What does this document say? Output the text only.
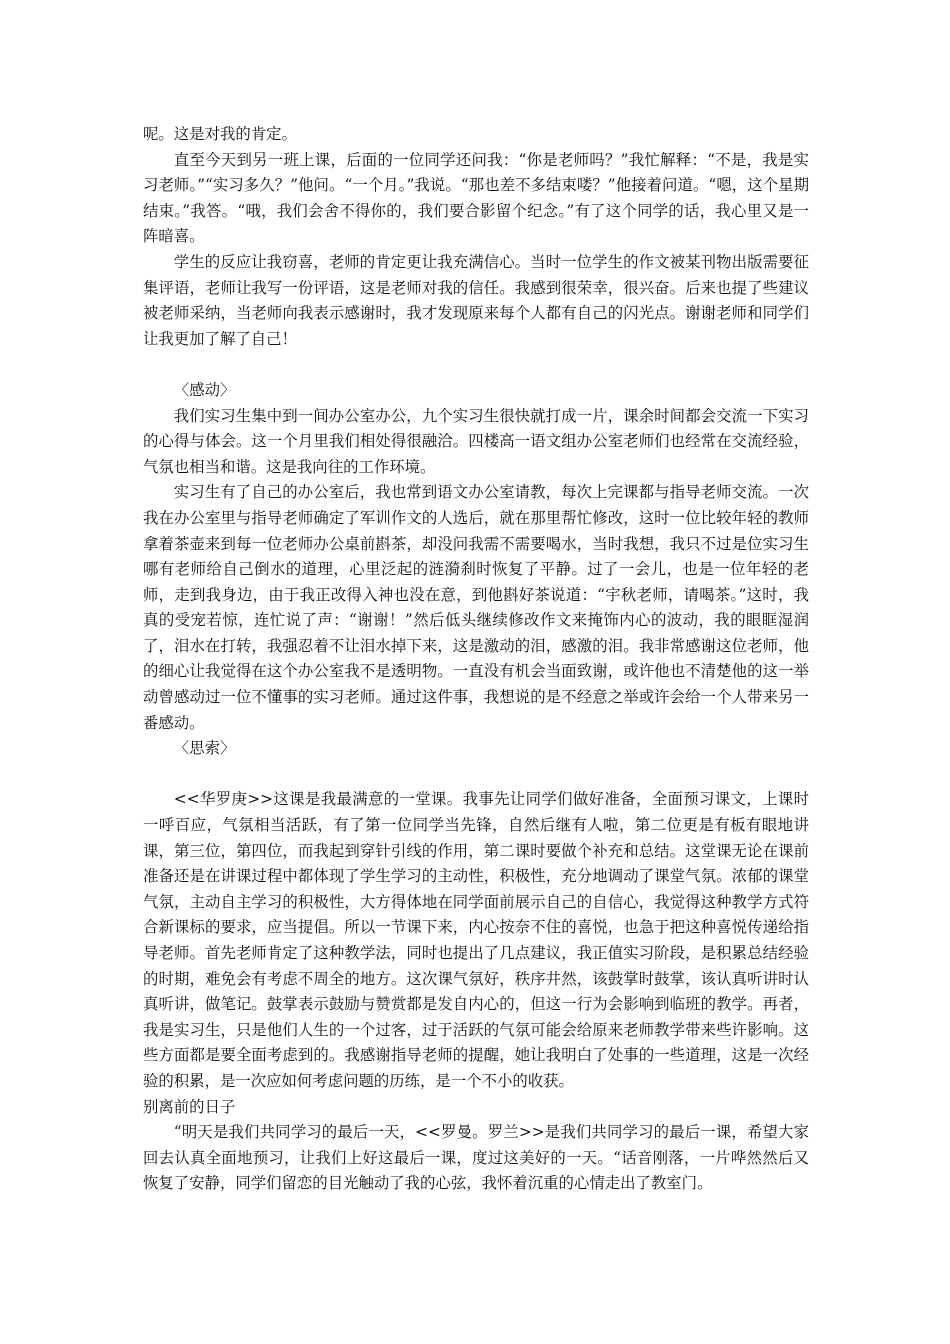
呢。这是对我的肯定。

直至今天到另一班上课，后面的一位同学还问我：“你是老师吗？”我忙解释：“不是，我是实习老师。”“实习多久？”他问。“一个月。”我说。“那也差不多结束喽？”他接着问道。“嗯，这个星期结束。”我答。“哦，我们会舍不得你的，我们要合影留个纪念。”有了这个同学的话，我心里又是一阵暗喜。

学生的反应让我窃喜，老师的肯定更让我充满信心。当时一位学生的作文被某刊物出版需要征集评语，老师让我写一份评语，这是老师对我的信任。我感到很荣幸，很兴奋。后来也提了些建议被老师采纳，当老师向我表示感谢时，我才发现原来每个人都有自己的闪光点。谢谢老师和同学们让我更加了解了自己！

〈感动〉

我们实习生集中到一间办公室办公，九个实习生很快就打成一片，课余时间都会交流一下实习的心得与体会。这一个月里我们相处得很融洽。四楼高一语文组办公室老师们也经常在交流经验，气氛也相当和谐。这是我向往的工作环境。

实习生有了自己的办公室后，我也常到语文办公室请教，每次上完课都与指导老师交流。一次我在办公室里与指导老师确定了军训作文的人选后，就在那里帮忙修改，这时一位比较年轻的教师拿着茶壶来到每一位老师办公桌前斟茶，却没问我需不需要喝水，当时我想，我只不过是位实习生哪有老师给自己倒水的道理，心里泛起的涟漪刹时恢复了平静。过了一会儿，也是一位年轻的老师，走到我身边，由于我正改得入神也没在意，到他斟好茶说道：“宇秋老师，请喝茶。”这时，我真的受宠若惊，连忙说了声：“谢谢！”然后低头继续修改作文来掩饰内心的波动，我的眼眶湿润了，泪水在打转，我强忍着不让泪水掉下来，这是激动的泪，感激的泪。我非常感谢这位老师，他的细心让我觉得在这个办公室我不是透明物。一直没有机会当面致谢，或许他也不清楚他的这一举动曾感动过一位不懂事的实习老师。通过这件事，我想说的是不经意之举或许会给一个人带来另一番感动。

〈思索〉

<<华罗庚>>这课是我最满意的一堂课。我事先让同学们做好准备，全面预习课文，上课时一呼百应，气氛相当活跃，有了第一位同学当先锋，自然后继有人啦，第二位更是有板有眼地讲课，第三位，第四位，而我起到穿针引线的作用，第二课时要做个补充和总结。这堂课无论在课前准备还是在讲课过程中都体现了学生学习的主动性，积极性，充分地调动了课堂气氛。浓郁的课堂气氛，主动自主学习的积极性，大方得体地在同学面前展示自己的自信心，我觉得这种教学方式符合新课标的要求，应当提倡。所以一节课下来，内心按奈不住的喜悦，也急于把这种喜悦传递给指导老师。首先老师肯定了这种教学法，同时也提出了几点建议，我正值实习阶段，是积累总结经验的时期，难免会有考虑不周全的地方。这次课气氛好，秩序井然，该鼓掌时鼓掌，该认真听讲时认真听讲，做笔记。鼓掌表示鼓励与赞赏都是发自内心的，但这一行为会影响到临班的教学。再者，我是实习生，只是他们人生的一个过客，过于活跃的气氛可能会给原来老师教学带来些许影响。这些方面都是要全面考虑到的。我感谢指导老师的提醒，她让我明白了处事的一些道理，这是一次经验的积累，是一次应如何考虑问题的历练，是一个不小的收获。

别离前的日子

“明天是我们共同学习的最后一天，<<罗曼。罗兰>>是我们共同学习的最后一课，希望大家回去认真全面地预习，让我们上好这最后一课，度过这美好的一天。“话音刚落，一片哗然然后又恢复了安静，同学们留恋的目光触动了我的心弦，我怀着沉重的心情走出了教室门。
